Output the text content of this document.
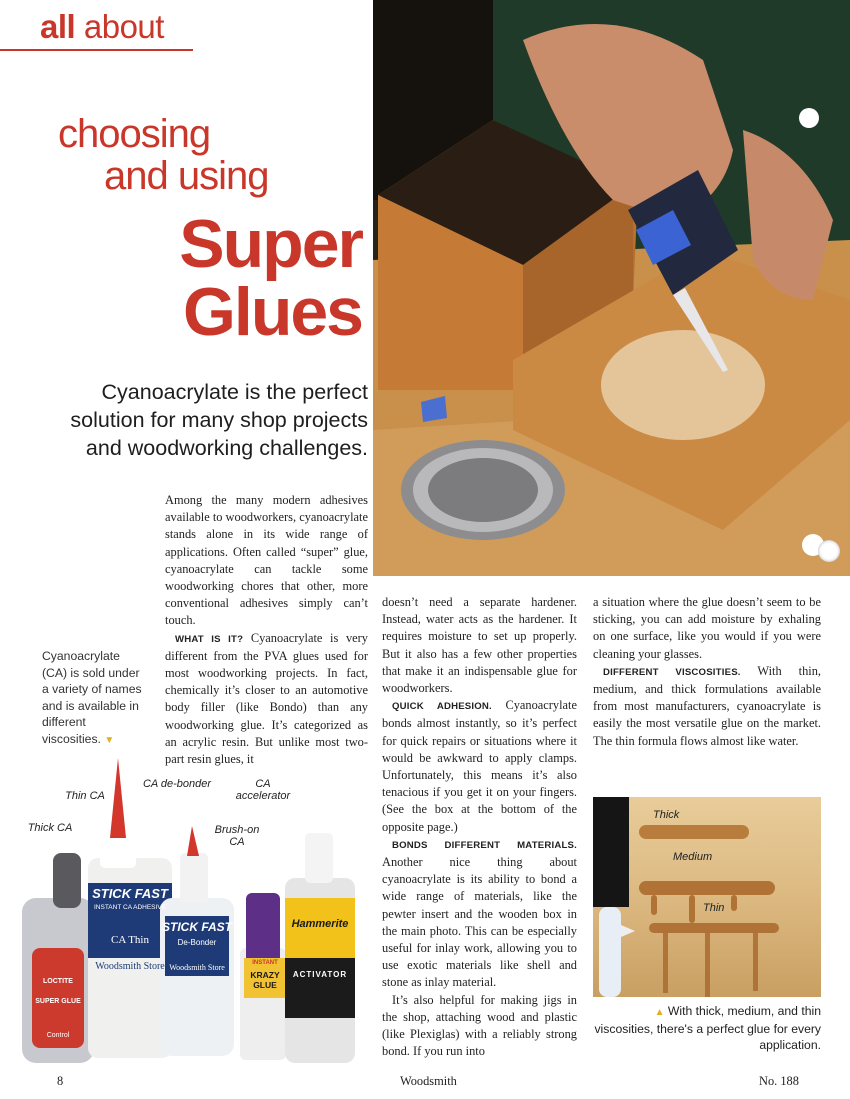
all about
choosing
and using
Super
Glues
Cyanoacrylate is the perfect
solution for many shop projects
and woodworking challenges.

Among the many modern adhesives available to woodworkers, cyanoacrylate stands alone in its wide range of applications. Often called “super” glue, cyanoacrylate can tackle some woodworking chores that other, more conventional adhesives simply can’t touch.

WHAT IS IT? Cyanoacrylate is very different from the PVA glues used for most woodworking projects. In fact, chemically it’s closer to an automotive body filler (like Bondo) than any woodworking glue. It’s categorized as an acrylic resin. But unlike most two-part resin glues, it

Cyanoacrylate (CA) is sold under a variety of names and is available in different viscosities. ▼
STICK FAST
INSTANT CA ADHESIVE
CA Thin
Woodsmith Store
STICK FAST
De-Bonder
Woodsmith Store	INSTANT
KRAZY GLUE
Hammerite
ACTIVATOR
LOCTITE
SUPER GLUE
Control
Thin CA
Thick CA
CA de-bonder	CA accelerator
Brush-on CA

doesn’t need a separate hardener. Instead, water acts as the hardener. It requires moisture to set up properly. But it also has a few other properties that make it an indispensable glue for woodworkers.

QUICK ADHESION. Cyanoacrylate bonds almost instantly, so it’s perfect for quick repairs or situations where it would be awkward to apply clamps. Unfortunately, this means it’s also tenacious if you get it on your fingers. (See the box at the bottom of the opposite page.)

BONDS DIFFERENT MATERIALS. Another nice thing about cyanoacrylate is its ability to bond a wide range of materials, like the pewter insert and the wooden box in the main photo. This can be especially useful for inlay work, allowing you to use exotic materials like shell and stone as inlay material.

It’s also helpful for making jigs in the shop, attaching wood and plastic (like Plexiglas) with a reliably strong bond. If you run into

a situation where the glue doesn’t seem to be sticking, you can add moisture by exhaling on one surface, like you would if you were cleaning your glasses.

DIFFERENT VISCOSITIES. With thin, medium, and thick formulations available from most manufacturers, cyanoacrylate is easily the most versatile glue on the market. The thin formula flows almost like water.

Thick
Medium
Thin
▲ With thick, medium, and thin viscosities, there's a perfect glue for every application.
8	Woodsmith	No. 188
